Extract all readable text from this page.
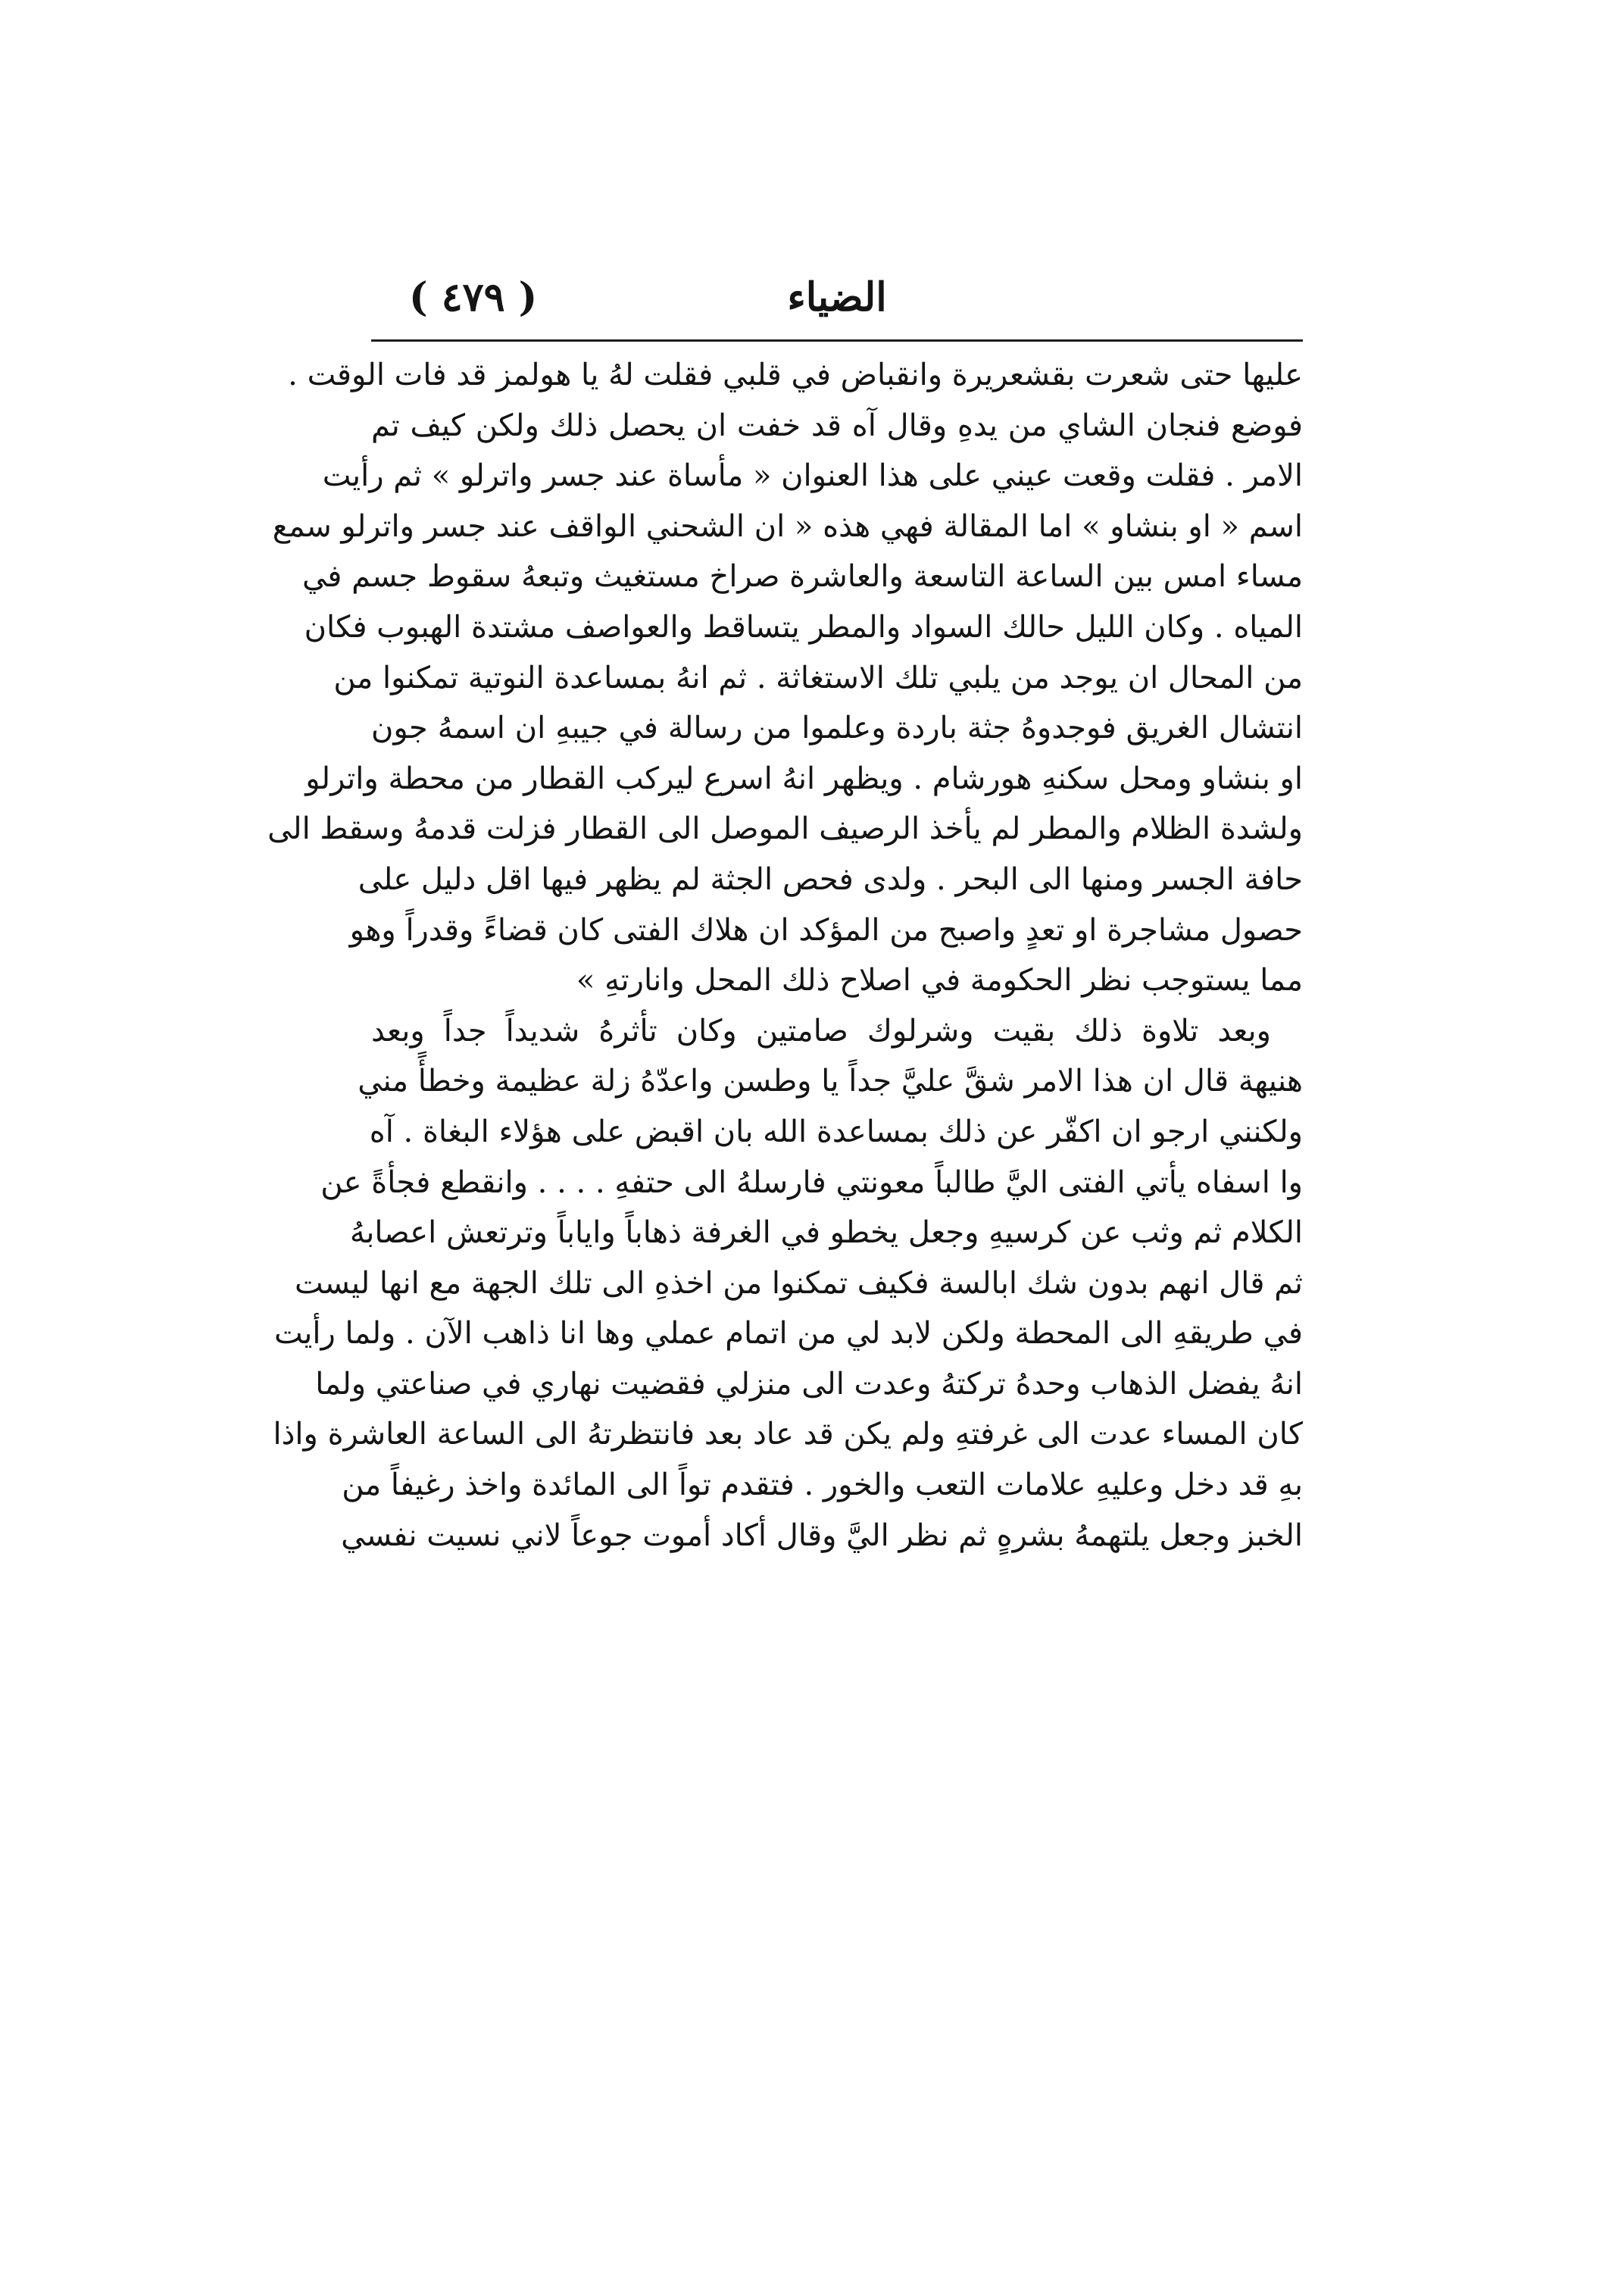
الضياء
( ٤٧٩ )
عليها حتى شعرت بقشعريرة وانقباض في قلبي فقلت لهُ يا هولمز قد فات الوقت .
فوضع فنجان الشاي من يدهِ وقال آه قد خفت ان يحصل ذلك ولكن كيف تم
الامر . فقلت وقعت عيني على هذا العنوان « مأساة عند جسر واترلو » ثم رأيت
اسم « او بنشاو » اما المقالة فهي هذه « ان الشحني الواقف عند جسر واترلو سمع
مساء امس بين الساعة التاسعة والعاشرة صراخ مستغيث وتبعهُ سقوط جسم في
المياه . وكان الليل حالك السواد والمطر يتساقط والعواصف مشتدة الهبوب فكان
من المحال ان يوجد من يلبي تلك الاستغاثة . ثم انهُ بمساعدة النوتية تمكنوا من
انتشال الغريق فوجدوهُ جثة باردة وعلموا من رسالة في جيبهِ ان اسمهُ جون
او بنشاو ومحل سكنهِ هورشام . ويظهر انهُ اسرع ليركب القطار من محطة واترلو
ولشدة الظلام والمطر لم يأخذ الرصيف الموصل الى القطار فزلت قدمهُ وسقط الى
حافة الجسر ومنها الى البحر . ولدى فحص الجثة لم يظهر فيها اقل دليل على
حصول مشاجرة او تعدٍ واصبح من المؤكد ان هلاك الفتى كان قضاءً وقدراً وهو
مما يستوجب نظر الحكومة في اصلاح ذلك المحل وانارتهِ »
وبعد تلاوة ذلك بقيت وشرلوك صامتين وكان تأثرهُ شديداً جداً وبعد
هنيهة قال ان هذا الامر شقَّ عليَّ جداً يا وطسن واعدّهُ زلة عظيمة وخطأً مني
ولكنني ارجو ان اكفّر عن ذلك بمساعدة الله بان اقبض على هؤلاء البغاة . آه
وا اسفاه يأتي الفتى اليَّ طالباً معونتي فارسلهُ الى حتفهِ . . . . وانقطع فجأةً عن
الكلام ثم وثب عن كرسيهِ وجعل يخطو في الغرفة ذهاباً واياباً وترتعش اعصابهُ
ثم قال انهم بدون شك ابالسة فكيف تمكنوا من اخذهِ الى تلك الجهة مع انها ليست
في طريقهِ الى المحطة ولكن لابد لي من اتمام عملي وها انا ذاهب الآن . ولما رأيت
انهُ يفضل الذهاب وحدهُ تركتهُ وعدت الى منزلي فقضيت نهاري في صناعتي ولما
كان المساء عدت الى غرفتهِ ولم يكن قد عاد بعد فانتظرتهُ الى الساعة العاشرة واذا
بهِ قد دخل وعليهِ علامات التعب والخور . فتقدم تواً الى المائدة واخذ رغيفاً من
الخبز وجعل يلتهمهُ بشرهٍ ثم نظر اليَّ وقال أكاد أموت جوعاً لاني نسيت نفسي
